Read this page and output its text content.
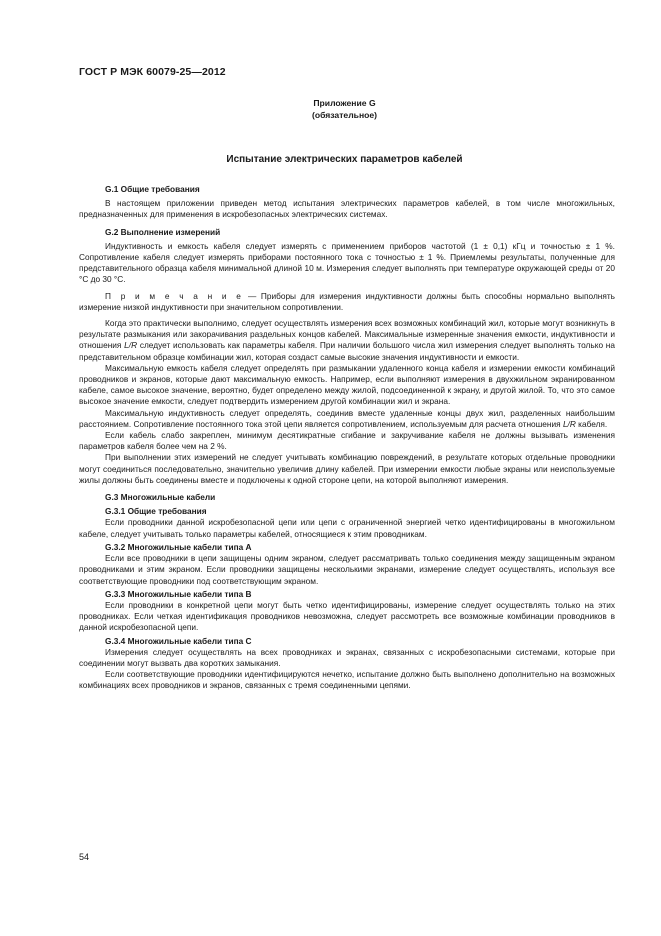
ГОСТ Р МЭК 60079-25—2012
Приложение G
(обязательное)
Испытание электрических параметров кабелей

G.1 Общие требования

В настоящем приложении приведен метод испытания электрических параметров кабелей, в том числе многожильных, предназначенных для применения в искробезопасных электрических системах.

G.2 Выполнение измерений

Индуктивность и емкость кабеля следует измерять с применением приборов частотой (1 ± 0,1) кГц и точностью ± 1 %. Сопротивление кабеля следует измерять приборами постоянного тока с точностью ± 1 %. Приемлемы результаты, полученные для представительного образца кабеля минимальной длиной 10 м. Измерения следует выполнять при температуре окружающей среды от 20 °С до 30 °С.

П р и м е ч а н и е — Приборы для измерения индуктивности должны быть способны нормально выполнять измерение низкой индуктивности при значительном сопротивлении.

Когда это практически выполнимо, следует осуществлять измерения всех возможных комбинаций жил, которые могут возникнуть в результате размыкания или закорачивания раздельных концов кабелей. Максимальные измеренные значения емкости, индуктивности и отношения L/R следует использовать как параметры кабеля. При наличии большого числа жил измерения следует выполнять только на представительном образце комбинации жил, которая создаст самые высокие значения индуктивности и емкости.

Максимальную емкость кабеля следует определять при размыкании удаленного конца кабеля и измерении емкости комбинаций проводников и экранов, которые дают максимальную емкость. Например, если выполняют измерения в двухжильном экранированном кабеле, самое высокое значение, вероятно, будет определено между жилой, подсоединенной к экрану, и другой жилой. То, что это самое высокое значение емкости, следует подтвердить измерением другой комбинации жил и экрана.

Максимальную индуктивность следует определять, соединив вместе удаленные концы двух жил, разделенных наибольшим расстоянием. Сопротивление постоянного тока этой цепи является сопротивлением, используемым для расчета отношения L/R кабеля.

Если кабель слабо закреплен, минимум десятикратные сгибание и закручивание кабеля не должны вызывать изменения параметров кабеля более чем на 2 %.

При выполнении этих измерений не следует учитывать комбинацию повреждений, в результате которых отдельные проводники могут соединиться последовательно, значительно увеличив длину кабелей. При измерении емкости любые экраны или неиспользуемые жилы должны быть соединены вместе и подключены к одной стороне цепи, на которой выполняют измерения.

G.3 Многожильные кабели

G.3.1 Общие требования

Если проводники данной искробезопасной цепи или цепи с ограниченной энергией четко идентифицированы в многожильном кабеле, следует учитывать только параметры кабелей, относящиеся к этим проводникам.

G.3.2 Многожильные кабели типа А

Если все проводники в цепи защищены одним экраном, следует рассматривать только соединения между защищенным экраном проводниками и этим экраном. Если проводники защищены несколькими экранами, измерение следует осуществлять, используя все соответствующие проводники под соответствующим экраном.

G.3.3 Многожильные кабели типа В

Если проводники в конкретной цепи могут быть четко идентифицированы, измерение следует осуществлять только на этих проводниках. Если четкая идентификация проводников невозможна, следует рассмотреть все возможные комбинации проводников в данной искробезопасной цепи.

G.3.4 Многожильные кабели типа С

Измерения следует осуществлять на всех проводниках и экранах, связанных с искробезопасными системами, которые при соединении могут вызвать два коротких замыкания.

Если соответствующие проводники идентифицируются нечетко, испытание должно быть выполнено дополнительно на возможных комбинациях всех проводников и экранов, связанных с тремя соединенными цепями.

54
